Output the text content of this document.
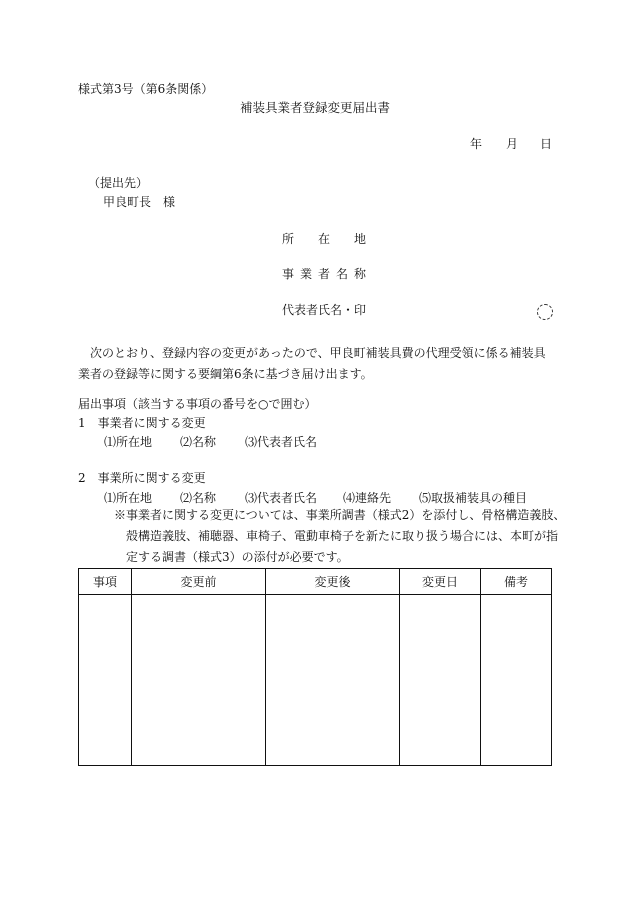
様式第3号（第6条関係）
補装具業者登録変更届出書
年 月 日
（提出先）
甲良町長　様
所 在 地
事 業 者 名 称
代表者氏名・印
次のとおり、登録内容の変更があったので、甲良町補装具費の代理受領に係る補装具業者の登録等に関する要綱第6条に基づき届け出ます。
届出事項（該当する事項の番号を○で囲む）
1　事業者に関する変更
⑴所在地 ⑵名称 ⑶代表者氏名
2　事業所に関する変更
⑴所在地 ⑵名称 ⑶代表者氏名 ⑷連絡先 ⑸取扱補装具の種目
※事業者に関する変更については、事業所調書（様式2）を添付し、骨格構造義肢、殻構造義肢、補聴器、車椅子、電動車椅子を新たに取り扱う場合には、本町が指定する調書（様式3）の添付が必要です。
事項	変更前	変更後	変更日	備考
